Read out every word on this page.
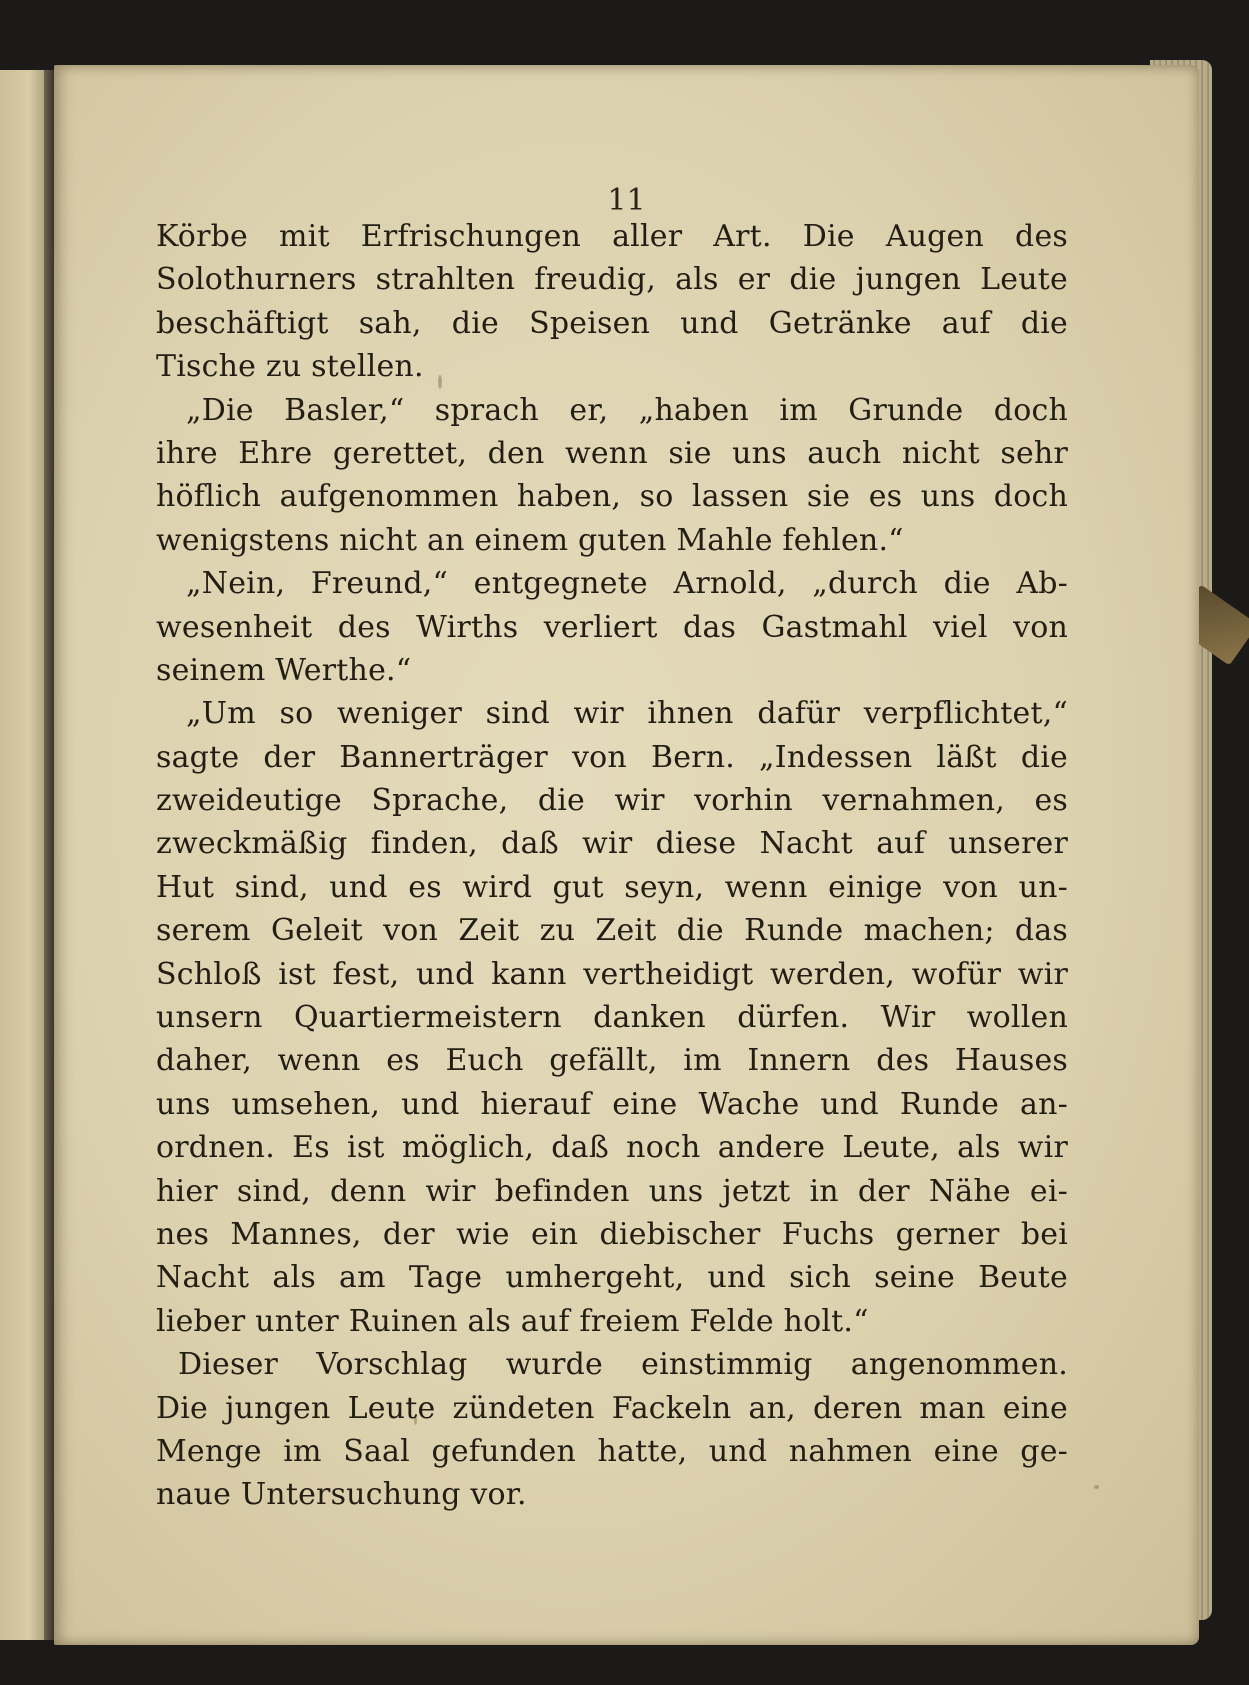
11
Körbe mit Erfrischungen aller Art. Die Augen des
Solothurners strahlten freudig, als er die jungen Leute
beschäftigt sah, die Speisen und Getränke auf die
Tische zu stellen.
„Die Basler,“ sprach er, „haben im Grunde doch
ihre Ehre gerettet, den wenn sie uns auch nicht sehr
höflich aufgenommen haben, so lassen sie es uns doch
wenigstens nicht an einem guten Mahle fehlen.“
„Nein, Freund,“ entgegnete Arnold, „durch die Ab-
wesenheit des Wirths verliert das Gastmahl viel von
seinem Werthe.“
„Um so weniger sind wir ihnen dafür verpflichtet,“
sagte der Bannerträger von Bern. „Indessen läßt die
zweideutige Sprache, die wir vorhin vernahmen, es
zweckmäßig finden, daß wir diese Nacht auf unserer
Hut sind, und es wird gut seyn, wenn einige von un-
serem Geleit von Zeit zu Zeit die Runde machen; das
Schloß ist fest, und kann vertheidigt werden, wofür wir
unsern Quartiermeistern danken dürfen. Wir wollen
daher, wenn es Euch gefällt, im Innern des Hauses
uns umsehen, und hierauf eine Wache und Runde an-
ordnen. Es ist möglich, daß noch andere Leute, als wir
hier sind, denn wir befinden uns jetzt in der Nähe ei-
nes Mannes, der wie ein diebischer Fuchs gerner bei
Nacht als am Tage umhergeht, und sich seine Beute
lieber unter Ruinen als auf freiem Felde holt.“
Dieser Vorschlag wurde einstimmig angenommen.
Die jungen Leute zündeten Fackeln an, deren man eine
Menge im Saal gefunden hatte, und nahmen eine ge-
naue Untersuchung vor.
